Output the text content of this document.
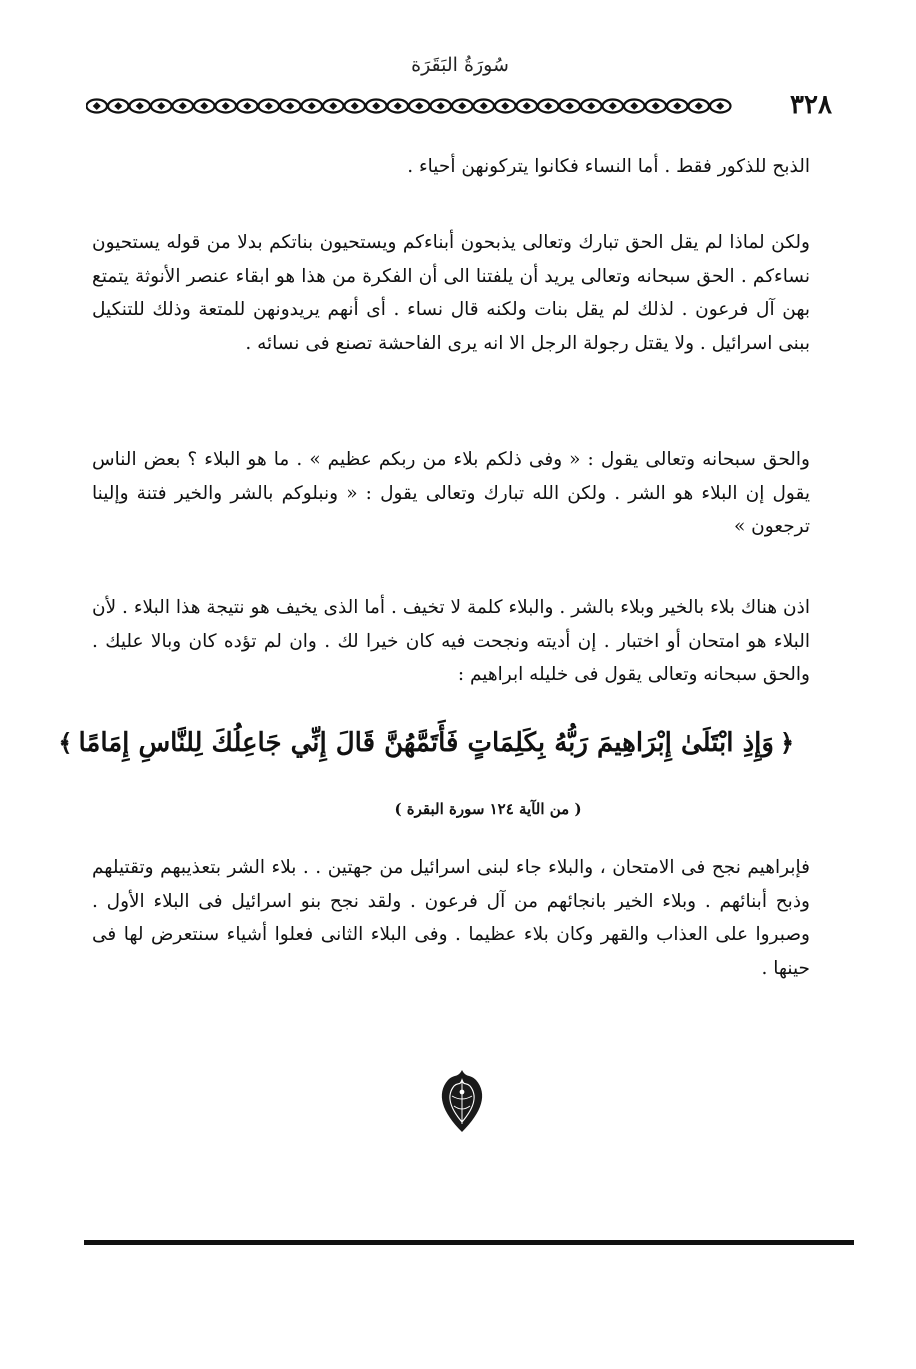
سُورَةُ البَقَرَة
٣٢٨

الذبح للذكور فقط . أما النساء فكانوا يتركونهن أحياء .

ولكن لماذا لم يقل الحق تبارك وتعالى يذبحون أبناءكم ويستحيون بناتكم بدلا من قوله يستحيون نساءكم . الحق سبحانه وتعالى يريد أن يلفتنا الى أن الفكرة من هذا هو ابقاء عنصر الأنوثة يتمتع بهن آل فرعون . لذلك لم يقل بنات ولكنه قال نساء . أى أنهم يريدونهن للمتعة وذلك للتنكيل ببنى اسرائيل . ولا يقتل رجولة الرجل الا انه يرى الفاحشة تصنع فى نسائه .

والحق سبحانه وتعالى يقول : « وفى ذلكم بلاء من ربكم عظيم » . ما هو البلاء ؟ بعض الناس يقول إن البلاء هو الشر . ولكن الله تبارك وتعالى يقول : « ونبلوكم بالشر والخير فتنة وإلينا ترجعون »

اذن هناك بلاء بالخير وبلاء بالشر . والبلاء كلمة لا تخيف . أما الذى يخيف هو نتيجة هذا البلاء . لأن البلاء هو امتحان أو اختبار . إن أديته ونجحت فيه كان خيرا لك . وان لم تؤده كان وبالا عليك . والحق سبحانه وتعالى يقول فى خليله ابراهيم :

﴿وَإِذِ ابْتَلَىٰ إِبْرَاهِيمَ رَبُّهُ بِكَلِمَاتٍ فَأَتَمَّهُنَّ قَالَ إِنِّي جَاعِلُكَ لِلنَّاسِ إِمَامًا﴾
( من الآية ١٢٤ سورة البقرة )

فإبراهيم نجح فى الامتحان ، والبلاء جاء لبنى اسرائيل من جهتين . . بلاء الشر بتعذيبهم وتقتيلهم وذبح أبنائهم . وبلاء الخير بانجائهم من آل فرعون . ولقد نجح بنو اسرائيل فى البلاء الأول . وصبروا على العذاب والقهر وكان بلاء عظيما . وفى البلاء الثانى فعلوا أشياء سنتعرض لها فى حينها .
